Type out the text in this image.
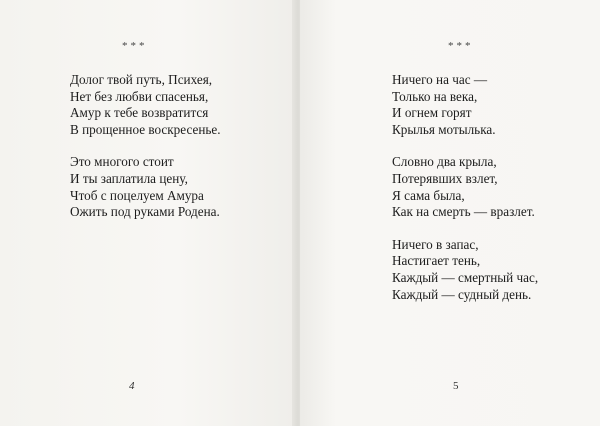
***
Долог твой путь, Психея,
Нет без любви спасенья,
Амур к тебе возвратится
В прощенное воскресенье.
Это многого стоит
И ты заплатила цену,
Чтоб с поцелуем Амура
Ожить под руками Родена.
4
***
Ничего на час —
Только на века,
И огнем горят
Крылья мотылька.
Словно два крыла,
Потерявших взлет,
Я сама была,
Как на смерть — вразлет.
Ничего в запас,
Настигает тень,
Каждый — смертный час,
Каждый — судный день.
5
